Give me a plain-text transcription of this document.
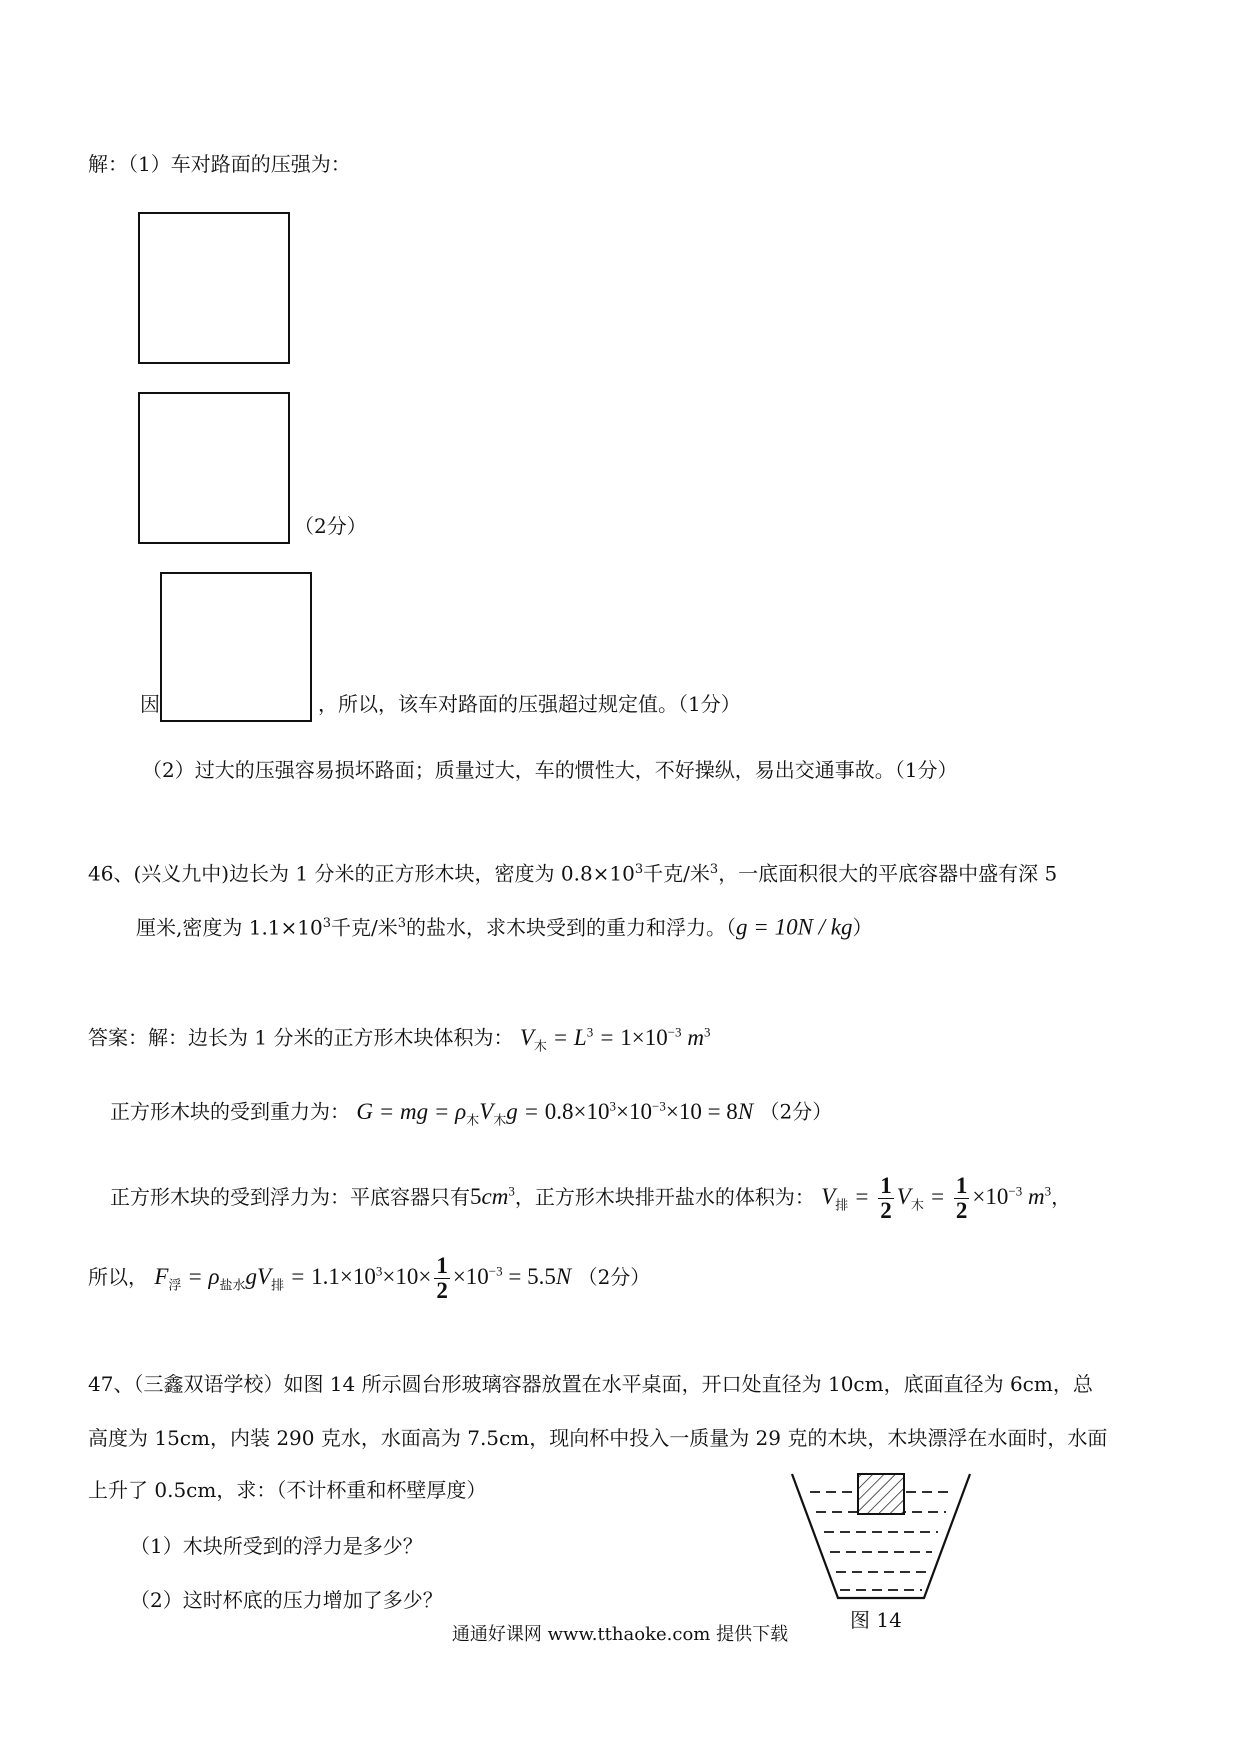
解：（1）车对路面的压强为：
（2分）
因	，所以，该车对路面的压强超过规定值。（1分）
（2）过大的压强容易损坏路面；质量过大，车的惯性大，不好操纵，易出交通事故。（1分）
46、(兴义九中)边长为 1 分米的正方形木块，密度为 $0.8\times 10^3$千克/米$^3$，一底面积很大的平底容器中盛有深 5
厘米,密度为 $1.1\times 10^3$千克/米$^3$的盐水，求木块受到的重力和浮力。（g = 10N / kg）
答案：解：边长为 1 分米的正方形木块体积为： $V_木 = L^3 = 1\times 10^{-3}$ $m^3$
正方形木块的受到重力为： G = mg = $\rho_木V_木g = 0.8\times 10^3\times 10^{-3}\times 10 = 8N$ （2分）
正方形木块的受到浮力为：平底容器只有$5cm^3$，正方形木块排开盐水的体积为： $V_排 = \frac{1}{2} V_木 = \frac{1}{2} \times 10^{-3}$ $m^3$，
所以， $F_浮 = \rho_{盐水}gV_排 = 1.1\times 10^3\times 10\times \frac{1}{2} \times 10^{-3} = 5.5N$ （2分）
47、（三鑫双语学校）如图 14 所示圆台形玻璃容器放置在水平桌面，开口处直径为 10cm，底面直径为 6cm，总
高度为 15cm，内装 290 克水，水面高为 7.5cm，现向杯中投入一质量为 29 克的木块，木块漂浮在水面时，水面
上升了 0.5cm，求：（不计杯重和杯壁厚度）
（1）木块所受到的浮力是多少？
（2）这时杯底的压力增加了多少？
图 14
通通好课网 www.tthaoke.com 提供下载
